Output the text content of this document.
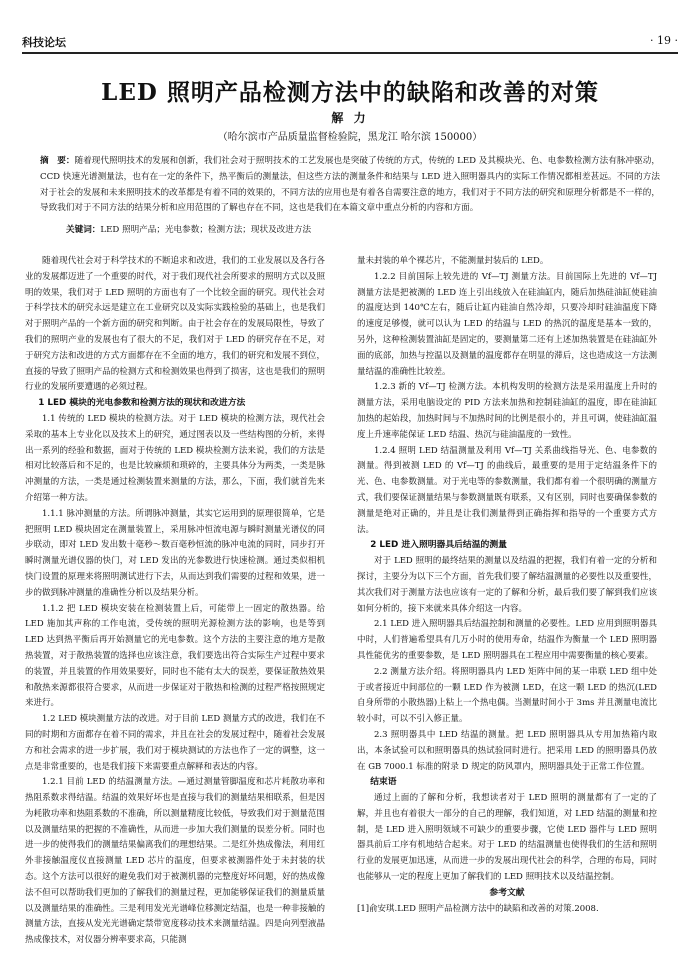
科技论坛	· 19 ·
LED 照明产品检测方法中的缺陷和改善的对策
解 力
（哈尔滨市产品质量监督检验院，黑龙江 哈尔滨 150000）
摘　要：随着现代照明技术的发展和创新，我们社会对于照明技术的工艺发展也是突破了传统的方式，传统的 LED 及其模块光、色、电参数检测方法有脉冲驱动，CCD 快速光谱测量法，也有在一定的条件下，热平衡后的测量法，但这些方法的测量条件和结果与 LED 进入照明器具内的实际工作情况都相差甚远。不同的方法对于社会的发展和未来照明技术的改革都是有着不同的效果的，不同方法的应用也是有着各自需要注意的地方，我们对于不同方法的研究和原理分析都是不一样的，导致我们对于不同方法的结果分析和应用范围的了解也存在不同，这也是我们在本篇文章中重点分析的内容和方面。
关键词：LED 照明产品；光电参数；检测方法；现状及改进方法

随着现代社会对于科学技术的不断追求和改进，我们的工业发展以及各行各业的发展都迈进了一个重要的时代，对于我们现代社会所要求的照明方式以及照明的效果，我们对于 LED 照明的方面也有了一个比较全面的研究。现代社会对于科学技术的研究永远是建立在工业研究以及实际实践检验的基础上，也是我们对于照明产品的一个新方面的研究和判断。由于社会存在的发展局限性，导致了我们的照明产业的发展也有了很大的不足，我们对于 LED 的研究存在不足，对于研究方法和改进的方式方面都存在不全面的地方，我们的研究和发展不到位，直接的导致了照明产品的检测方式和检测效果也得到了损害，这也是我们的照明行业的发展所要遭遇的必须过程。

1 LED 模块的光电参数和检测方法的现状和改进方法

1.1 传统的 LED 模块的检测方法。对于 LED 模块的检测方法，现代社会采取的基本上专业化以及技术上的研究，通过图表以及一些结构图的分析，来得出一系列的经验和数据，面对于传统的 LED 模块检测方法来说，我们的方法是相对比较落后和不足的，也是比较麻烦和琐碎的，主要具体分为两类，一类是脉冲测量的方法，一类是通过检测装置来测量的方法，那么，下面，我们就首先来介绍第一种方法。

1.1.1 脉冲测量的方法。所谓脉冲测量，其实它运用到的原理很简单，它是把照明 LED 模块固定在测量装置上，采用脉冲恒流电源与瞬时测量光谱仪的同步联动，即对 LED 发出数十毫秒～数百毫秒恒流的脉冲电流的同时，同步打开瞬时测量光谱仪器的快门，对 LED 发出的光参数进行快速检测。通过类似相机快门设置的原理来将照明测试进行下去，从而达到我们需要的过程和效果，进一步的做到脉冲测量的准确性分析以及结果分析。

1.1.2 把 LED 模块安装在检测装置上后，可能带上一固定的散热器。给 LED 施加其声称的工作电流，受传统的照明光源检测方法的影响，也是等到 LED 达到热平衡后再开始测量它的光电参数。这个方法的主要注意的地方是散热装置，对于散热装置的选择也应该注意，我们要选出符合实际生产过程中要求的装置，并且装置的作用效果要好，同时也不能有太大的误差，要保证散热效果和散热来源都很符合要求，从而进一步保证对于散热和检测的过程严格按照规定来进行。

1.2 LED 模块测量方法的改进。对于目前 LED 测量方式的改进，我们在不同的时期和方面都存在着不同的需求，并且在社会的发展过程中，随着社会发展方和社会需求的进一步扩展，我们对于模块测试的方法也作了一定的调整，这一点是非常重要的，也是我们接下来需要重点解释和表达的内容。

1.2.1 目前 LED 的结温测量方法。—通过测量管脚温度和芯片耗散功率和热阻系数求得结温。结温的效果好坏也是直接与我们的测量结果相联系，但是因为耗散功率和热阻系数的不准确，所以测量精度比较低，导致我们对于测量范围以及测量结果的把握的不准确性，从而进一步加大我们测量的误差分析。同时也进一步的使得我们的测量结果偏离我们的理想结果。二是红外热成像法，利用红外非接触温度仪直接测量 LED 芯片的温度，但要求被测器件处于未封装的状态。这个方法可以很好的避免我们对于被测机器的完整度好坏问题，好的热成像法不但可以帮助我们更加的了解我们的测量过程，更加能够保证我们的测量质量以及测量结果的准确性。三是利用发光光谱峰位移测定结温，也是一种非接触的测量方法，直接从发光光谱确定禁带宽度移动技术来测量结温。四是向列型液晶热成像技术，对仪器分辨率要求高，只能测

量未封装的单个裸芯片，不能测量封装后的 LED。

1.2.2 目前国际上较先进的 Vf—TJ 测量方法。目前国际上先进的 Vf—TJ 测量方法是把被测的 LED 连上引出线放入在硅油缸内，随后加热硅油缸使硅油的温度达到 140℃左右，随后让缸内硅油自然冷却，只要冷却时硅油温度下降的速度足够慢，就可以认为 LED 的结温与 LED 的热沉的温度是基本一致的，另外，这种检测装置油缸是固定的，要测量第二还有上述加热装置是在硅油缸外面的底部，加热与控温以及测量的温度都存在明显的滞后，这也造成这一方法测量结温的准确性比较差。

1.2.3 新的 Vf—TJ 检测方法。本机构发明的检测方法是采用温度上升时的测量方法，采用电脑设定的 PID 方法来加热和控制硅油缸的温度，即在硅油缸加热的起始段，加热时间与不加热时间的比例是很小的，并且可调，使硅油缸温度上升速率能保证 LED 结温、热沉与硅油温度的一致性。

1.2.4 照明 LED 结温测量及利用 Vf—TJ 关系曲线指导光、色、电参数的测量。得到被测 LED 的 Vf—TJ 的曲线后，最重要的是用于定结温条件下的光、色、电参数测量。对于光电等的参数测量，我们都有着一个很明确的测量方式，我们要保证测量结果与参数测量既有联系，又有区别，同时也要确保参数的测量是绝对正确的，并且是让我们测量得到正确指挥和指导的一个重要方式方法。

2 LED 进入照明器具后结温的测量

对于 LED 照明的最终结果的测量以及结温的把握，我们有着一定的分析和探讨，主要分为以下三个方面，首先我们要了解结温测量的必要性以及重要性，其次我们对于测量方法也应该有一定的了解和分析，最后我们要了解到我们应该如何分析的，接下来就来具体介绍这一内容。

2.1 LED 进入照明器具后结温控制和测量的必要性。LED 应用到照明器具中时，人们普遍希望具有几万小时的使用寿命，结温作为衡量一个 LED 照明器具性能优劣的重要参数，是 LED 照明器具在工程应用中需要衡量的核心要素。

2.2 测量方法介绍。将照明器具内 LED 矩阵中间的某一串联 LED 组中处于或者接近中间部位的一颗 LED 作为被测 LED，在这一颗 LED 的热沉(LED 自身所带的小散热器)上粘上一个热电偶。当测量时间小于 3ms 并且测量电流比较小时，可以不引入修正量。

2.3 照明器具中 LED 结温的测量。把 LED 照明器具从专用加热箱内取出，本条试验可以和照明器具的热试验同时进行。把采用 LED 的照明器具仍放在 GB 7000.1 标准的附录 D 规定的防风罩内，照明器具处于正常工作位置。

结束语

通过上面的了解和分析，我想读者对于 LED 照明的测量都有了一定的了解，并且也有着很大一部分的自己的理解，我们知道，对 LED 结温的测量和控制，是 LED 进入照明领域不可缺少的重要步骤，它使 LED 器件与 LED 照明器具前后工序有机地结合起来。对于 LED 的结温测量也使得我们的生活和照明行业的发展更加迅速，从而进一步的发展出现代社会的科学，合理的布局，同时也能够从一定的程度上更加了解我们的 LED 照明技术以及结温控制。

参考文献

[1]俞安琪.LED 照明产品检测方法中的缺陷和改善的对策.2008.
